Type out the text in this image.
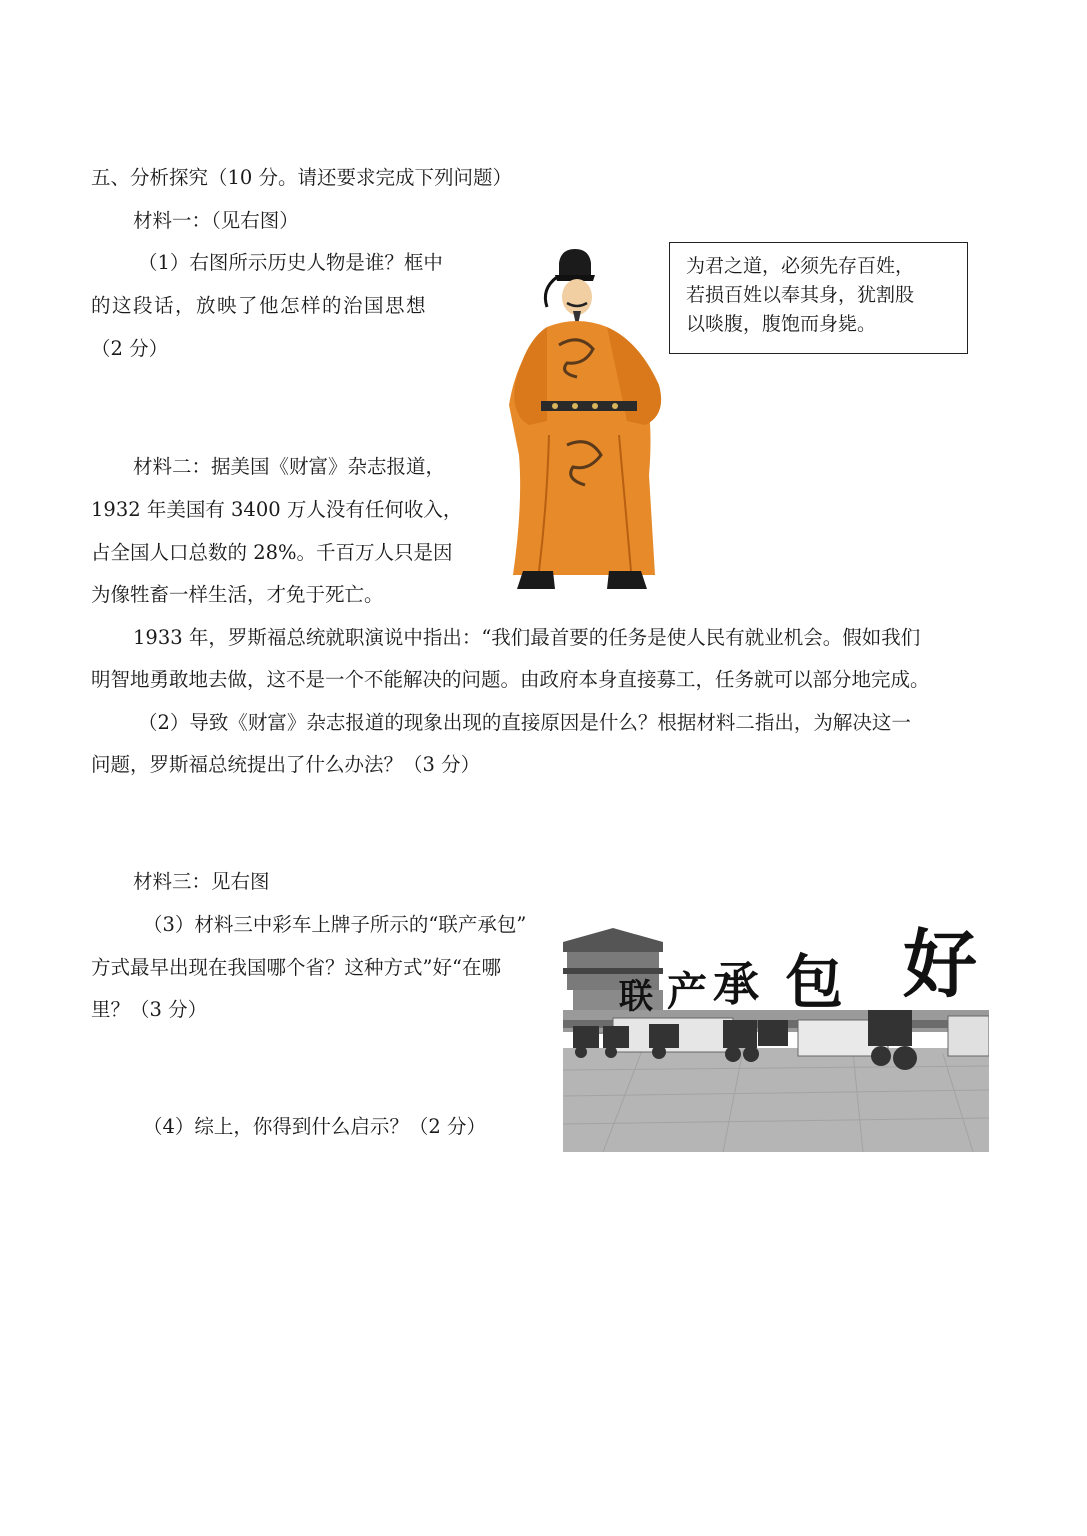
五、分析探究（10 分。请还要求完成下列问题）
材料一：（见右图）
（1）右图所示历史人物是谁？框中
的这段话，放映了他怎样的治国思想
（2 分）
为君之道，必须先存百姓，
若损百姓以奉其身，犹割股
以啖腹，腹饱而身毙。
材料二：据美国《财富》杂志报道，
1932 年美国有 3400 万人没有任何收入，
占全国人口总数的 28%。千百万人只是因
为像牲畜一样生活，才免于死亡。
1933 年，罗斯福总统就职演说中指出：“我们最首要的任务是使人民有就业机会。假如我们
明智地勇敢地去做，这不是一个不能解决的问题。由政府本身直接募工，任务就可以部分地完成。
（2）导致《财富》杂志报道的现象出现的直接原因是什么？根据材料二指出，为解决这一
问题，罗斯福总统提出了什么办法？（3 分）
材料三：见右图
（3）材料三中彩车上牌子所示的“联产承包”
方式最早出现在我国哪个省？这种方式”好“在哪
里？（3 分）
（4）综上，你得到什么启示？（2 分）
联 产 承 包 好
